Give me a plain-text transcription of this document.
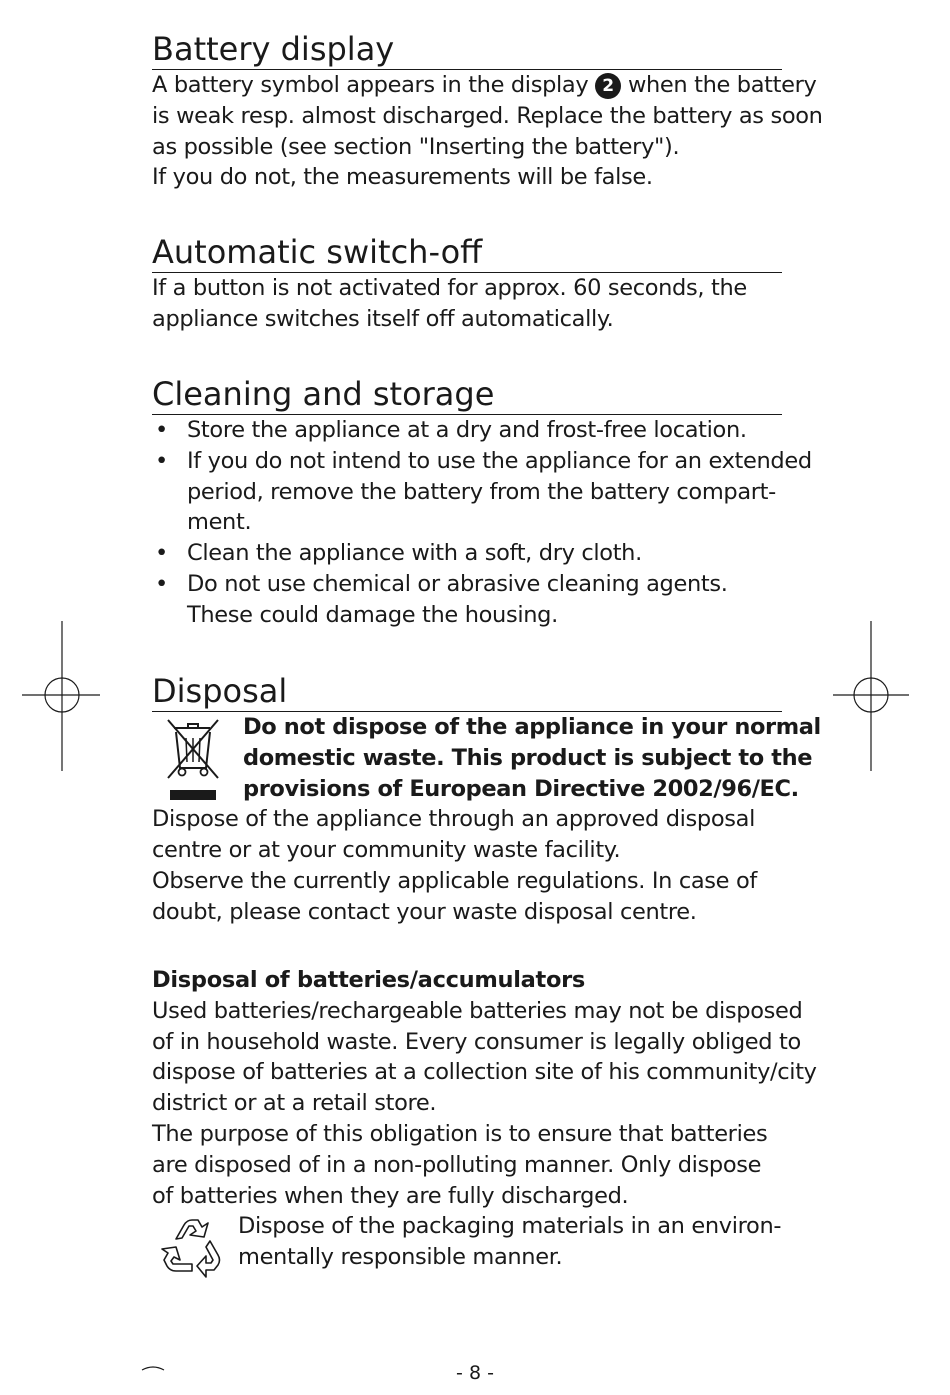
Battery display

A battery symbol appears in the display 2 when the battery
is weak resp. almost discharged. Replace the battery as soon
as possible (see section "Inserting the battery").
If you do not, the measurements will be false.

Automatic switch-off

If a button is not activated for approx. 60 seconds, the
appliance switches itself off automatically.

Cleaning and storage
• Store the appliance at a dry and frost-free location.
• If you do not intend to use the appliance for an extended
period, remove the battery from the battery compart-
ment.
• Clean the appliance with a soft, dry cloth.
• Do not use chemical or abrasive cleaning agents.
These could damage the housing.
Disposal
Do not dispose of the appliance in your normal
domestic waste. This product is subject to the
provisions of European Directive 2002/96/EC.

Dispose of the appliance through an approved disposal
centre or at your community waste facility.
Observe the currently applicable regulations. In case of
doubt, please contact your waste disposal centre.

Disposal of batteries/accumulators

Used batteries/rechargeable batteries may not be disposed
of in household waste. Every consumer is legally obliged to
dispose of batteries at a collection site of his community/city
district or at a retail store.
The purpose of this obligation is to ensure that batteries
are disposed of in a non-polluting manner. Only dispose
of batteries when they are fully discharged.

Dispose of the packaging materials in an environ-
mentally responsible manner.
- 8 -
